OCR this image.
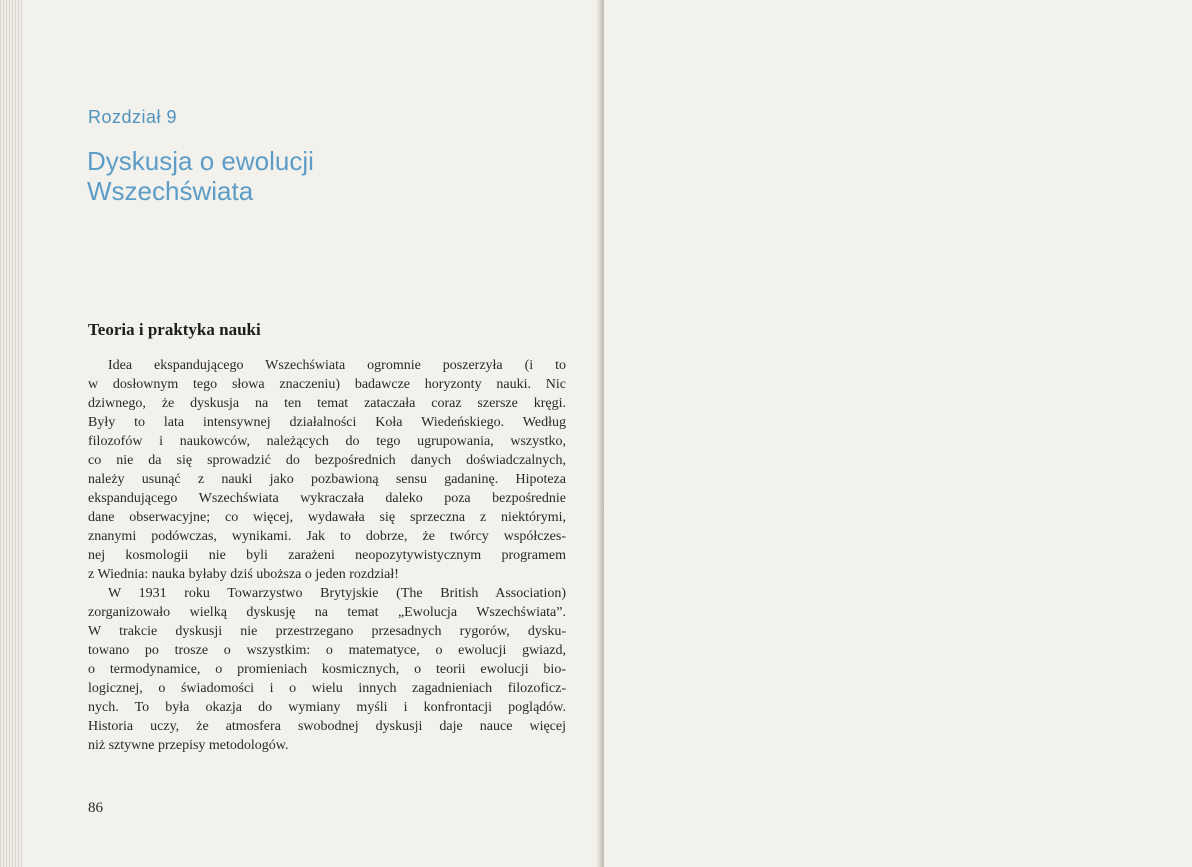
Rozdział 9
Dyskusja o ewolucji
Wszechświata
Teoria i praktyka nauki
Idea ekspandującego Wszechświata ogromnie poszerzyła (i to
w dosłownym tego słowa znaczeniu) badawcze horyzonty nauki. Nic
dziwnego, że dyskusja na ten temat zataczała coraz szersze kręgi.
Były to lata intensywnej działalności Koła Wiedeńskiego. Według
filozofów i naukowców, należących do tego ugrupowania, wszystko,
co nie da się sprowadzić do bezpośrednich danych doświadczalnych,
należy usunąć z nauki jako pozbawioną sensu gadaninę. Hipoteza
ekspandującego Wszechświata wykraczała daleko poza bezpośrednie
dane obserwacyjne; co więcej, wydawała się sprzeczna z niektórymi,
znanymi podówczas, wynikami. Jak to dobrze, że twórcy współczes-
nej kosmologii nie byli zarażeni neopozytywistycznym programem
z Wiednia: nauka byłaby dziś uboższa o jeden rozdział!
W 1931 roku Towarzystwo Brytyjskie (The British Association)
zorganizowało wielką dyskusję na temat „Ewolucja Wszechświata”.
W trakcie dyskusji nie przestrzegano przesadnych rygorów, dysku-
towano po trosze o wszystkim: o matematyce, o ewolucji gwiazd,
o termodynamice, o promieniach kosmicznych, o teorii ewolucji bio-
logicznej, o świadomości i o wielu innych zagadnieniach filozoficz-
nych. To była okazja do wymiany myśli i konfrontacji poglądów.
Historia uczy, że atmosfera swobodnej dyskusji daje nauce więcej
niż sztywne przepisy metodologów.
86
